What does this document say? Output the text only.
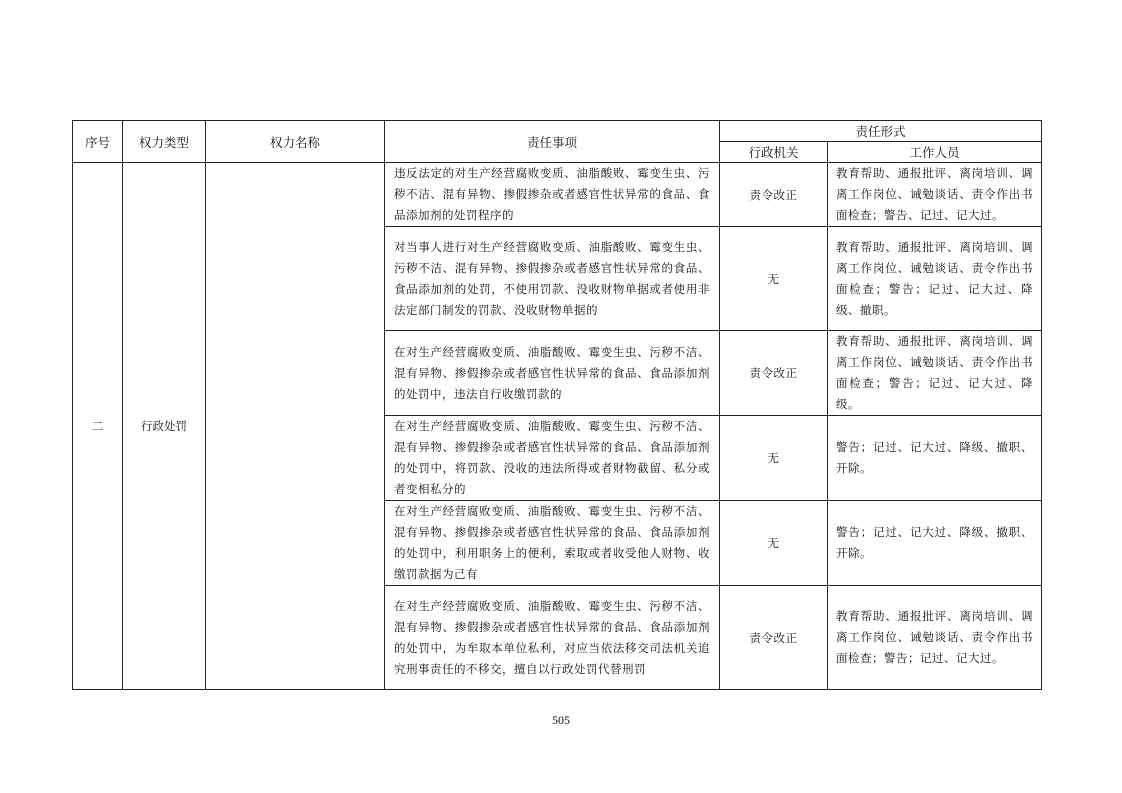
序号	权力类型	权力名称	责任事项	责任形式	
				行政机关	工作人员
二	行政处罚		违反法定的对生产经营腐败变质、油脂酸败、霉变生虫、污秽不洁、混有异物、掺假掺杂或者感官性状异常的食品、食品添加剂的处罚程序的	责令改正	教育帮助、通报批评、离岗培训、调离工作岗位、诫勉谈话、责令作出书面检查；警告、记过、记大过。
			对当事人进行对生产经营腐败变质、油脂酸败、霉变生虫、污秽不洁、混有异物、掺假掺杂或者感官性状异常的食品、食品添加剂的处罚，不使用罚款、没收财物单据或者使用非法定部门制发的罚款、没收财物单据的	无	教育帮助、通报批评、离岗培训、调离工作岗位、诫勉谈话、责令作出书面检查；警告；记过、记大过、降级、撤职。
			在对生产经营腐败变质、油脂酸败、霉变生虫、污秽不洁、混有异物、掺假掺杂或者感官性状异常的食品、食品添加剂的处罚中，违法自行收缴罚款的	责令改正	教育帮助、通报批评、离岗培训、调离工作岗位、诫勉谈话、责令作出书面检查；警告；记过、记大过、降级。
			在对生产经营腐败变质、油脂酸败、霉变生虫、污秽不洁、混有异物、掺假掺杂或者感官性状异常的食品、食品添加剂的处罚中，将罚款、没收的违法所得或者财物截留、私分或者变相私分的	无	警告；记过、记大过、降级、撤职、开除。
			在对生产经营腐败变质、油脂酸败、霉变生虫、污秽不洁、混有异物、掺假掺杂或者感官性状异常的食品、食品添加剂的处罚中，利用职务上的便利，索取或者收受他人财物、收缴罚款据为己有	无	警告；记过、记大过、降级、撤职、开除。
			在对生产经营腐败变质、油脂酸败、霉变生虫、污秽不洁、混有异物、掺假掺杂或者感官性状异常的食品、食品添加剂的处罚中，为牟取本单位私利，对应当依法移交司法机关追究刑事责任的不移交，擅自以行政处罚代替刑罚	责令改正	教育帮助、通报批评、离岗培训、调离工作岗位、诫勉谈话、责令作出书面检查；警告；记过、记大过。
505
